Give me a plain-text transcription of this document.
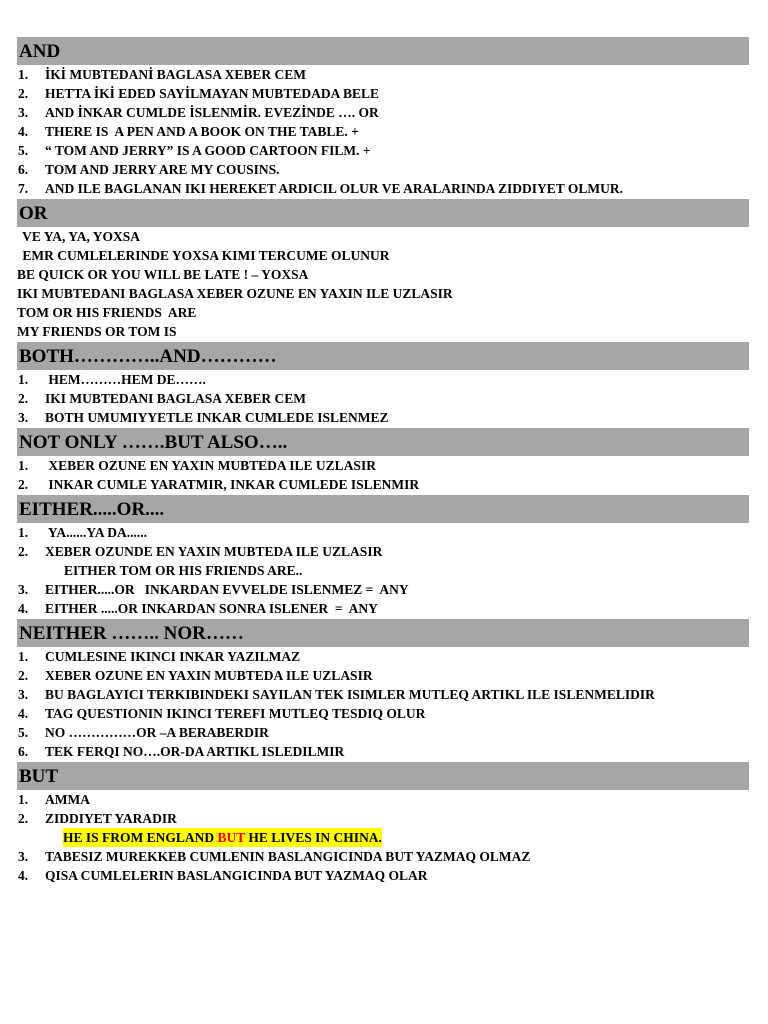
AND
1.	İKİ MUBTEDANİ BAGLASA XEBER CEM
2.	HETTA İKİ EDED SAYİLMAYAN MUBTEDADA BELE
3.	AND İNKAR CUMLDE İSLENMİR. EVEZİNDE …. OR
4.	THERE IS  A PEN AND A BOOK ON THE TABLE. +
5.	“ TOM AND JERRY” IS A GOOD CARTOON FILM. +
6.	TOM AND JERRY ARE MY COUSINS.
7.	AND ILE BAGLANAN IKI HEREKET ARDICIL OLUR VE ARALARINDA ZIDDIYET OLMUR.
OR
VE YA, YA, YOXSA
EMR CUMLELERINDE YOXSA KIMI TERCUME OLUNUR
BE QUICK OR YOU WILL BE LATE ! – YOXSA
IKI MUBTEDANI BAGLASA XEBER OZUNE EN YAXIN ILE UZLASIR
TOM OR HIS FRIENDS  ARE
MY FRIENDS OR TOM IS
BOTH…………..AND…………
1.	HEM………HEM DE…….
2.	IKI MUBTEDANI BAGLASA XEBER CEM
3.	BOTH UMUMIYYETLE INKAR CUMLEDE ISLENMEZ
NOT ONLY …….BUT ALSO…..
1.	XEBER OZUNE EN YAXIN MUBTEDA ILE UZLASIR
2.	INKAR CUMLE YARATMIR, INKAR CUMLEDE ISLENMIR
EITHER.....OR....
1.	YA......YA DA......
2.	XEBER OZUNDE EN YAXIN MUBTEDA ILE UZLASIR
EITHER TOM OR HIS FRIENDS ARE..
3.	EITHER.....OR   INKARDAN EVVELDE ISLENMEZ =  ANY
4.	EITHER .....OR INKARDAN SONRA ISLENER  =  ANY
NEITHER …….. NOR……
1.	CUMLESINE IKINCI INKAR YAZILMAZ
2.	XEBER OZUNE EN YAXIN MUBTEDA ILE UZLASIR
3.	BU BAGLAYICI TERKIBINDEKI SAYILAN TEK ISIMLER MUTLEQ ARTIKL ILE ISLENMELIDIR
4.	TAG QUESTIONIN IKINCI TEREFI MUTLEQ TESDIQ OLUR
5.	NO ……………OR –A BERABERDIR
6.	TEK FERQI NO….OR-DA ARTIKL ISLEDILMIR
BUT
1.	AMMA
2.	ZIDDIYET YARADIR
HE IS FROM ENGLAND BUT HE LIVES IN CHINA.
3.	TABESIZ MUREKKEB CUMLENIN BASLANGICINDA BUT YAZMAQ OLMAZ
4.	QISA CUMLELERIN BASLANGICINDA BUT YAZMAQ OLAR
